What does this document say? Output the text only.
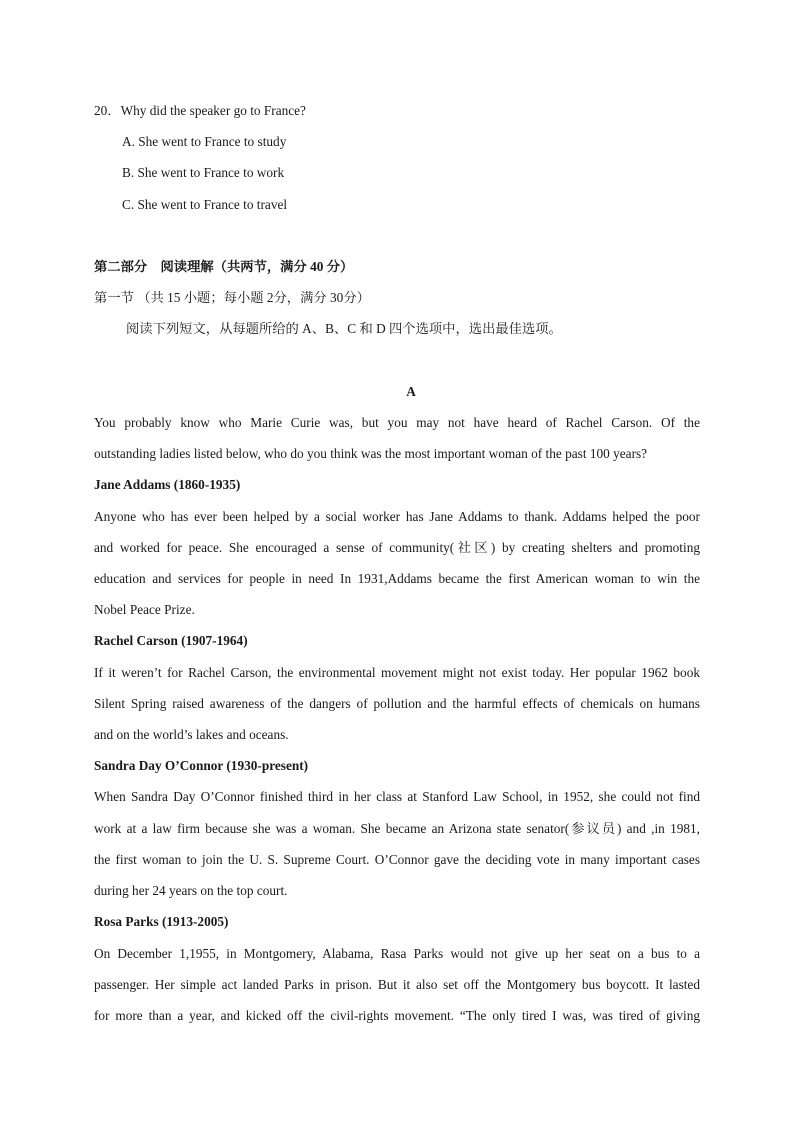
20．Why did the speaker go to France?
A. She went to France to study
B. She went to France to work
C. She went to France to travel
第二部分　阅读理解（共两节，满分 40 分）
第一节 （共 15 小题；每小题 2分，满分 30分）
阅读下列短文，从每题所给的 A、B、C 和 D 四个选项中，选出最佳选项。
A
You probably know who Marie Curie was, but you may not have heard of Rachel Carson. Of the
outstanding ladies listed below, who do you think was the most important woman of the past 100 years?
Jane Addams (1860-1935)
Anyone who has ever been helped by a social worker has Jane Addams to thank. Addams helped the poor
and worked for peace. She encouraged a sense of community(社区) by creating shelters and promoting
education and services for people in need In 1931,Addams became the first American woman to win the
Nobel Peace Prize.
Rachel Carson (1907-1964)
If it weren’t for Rachel Carson, the environmental movement might not exist today. Her popular 1962 book
Silent Spring raised awareness of the dangers of pollution and the harmful effects of chemicals on humans
and on the world’s lakes and oceans.
Sandra Day O’Connor (1930-present)
When Sandra Day O’Connor finished third in her class at Stanford Law School, in 1952, she could not find
work at a law firm because she was a woman. She became an Arizona state senator(参议员) and ,in 1981,
the first woman to join the U. S. Supreme Court. O’Connor gave the deciding vote in many important cases
during her 24 years on the top court.
Rosa Parks (1913-2005)
On December 1,1955, in Montgomery, Alabama, Rasa Parks would not give up her seat on a bus to a
passenger. Her simple act landed Parks in prison. But it also set off the Montgomery bus boycott. It lasted
for more than a year, and kicked off the civil-rights movement. “The only tired I was, was tired of giving
